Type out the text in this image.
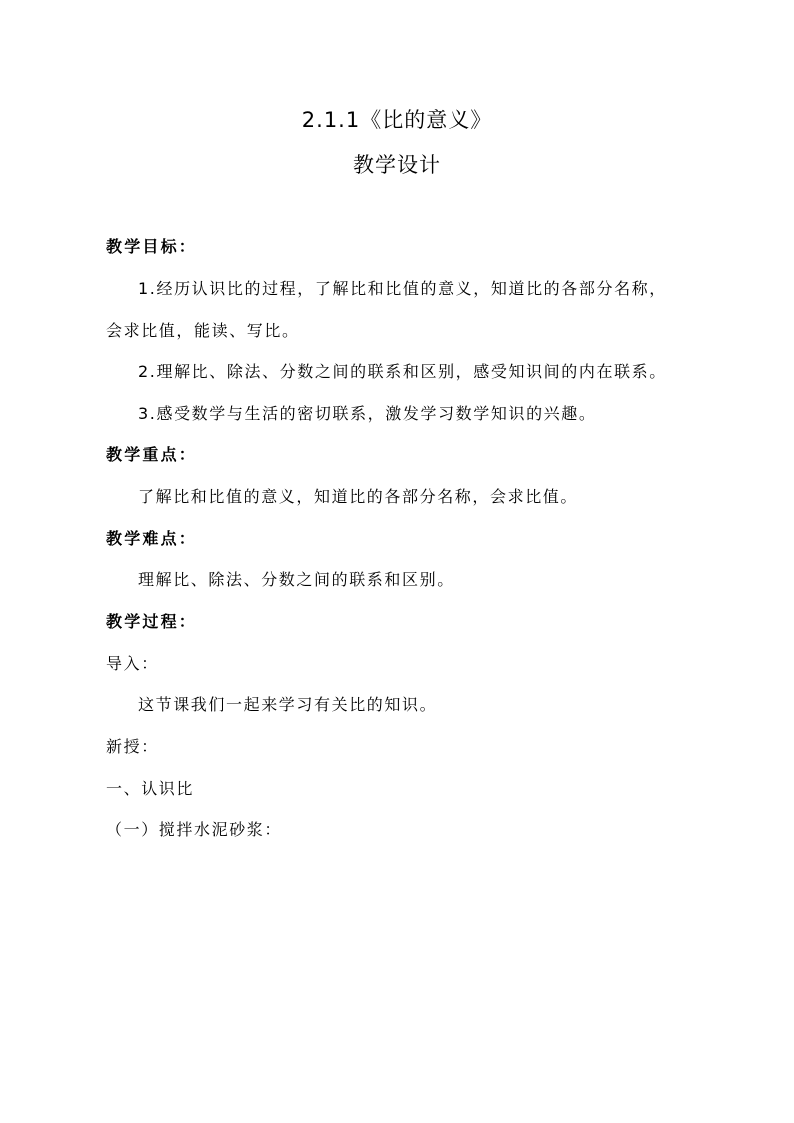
2.1.1《比的意义》
教学设计
教学目标：
1.经历认识比的过程，了解比和比值的意义，知道比的各部分名称，
会求比值，能读、写比。
2.理解比、除法、分数之间的联系和区别，感受知识间的内在联系。
3.感受数学与生活的密切联系，激发学习数学知识的兴趣。
教学重点：
了解比和比值的意义，知道比的各部分名称，会求比值。
教学难点：
理解比、除法、分数之间的联系和区别。
教学过程：
导入：
这节课我们一起来学习有关比的知识。
新授：
一、认识比
（一）搅拌水泥砂浆：
